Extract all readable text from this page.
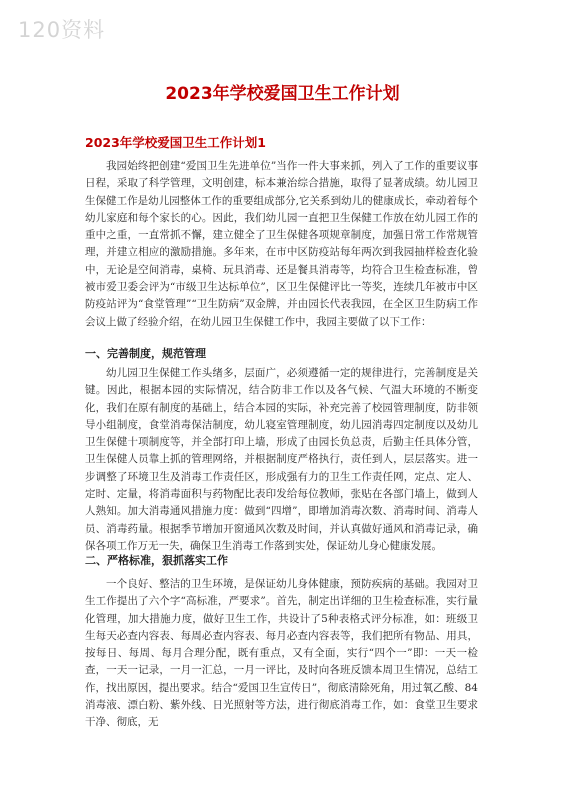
120资料
2023年学校爱国卫生工作计划
2023年学校爱国卫生工作计划1

我园始终把创建“爱国卫生先进单位”当作一件大事来抓，列入了工作的重要议事日程，采取了科学管理，文明创建，标本兼治综合措施，取得了显著成绩。幼儿园卫生保健工作是幼儿园整体工作的重要组成部分,它关系到幼儿的健康成长，牵动着每个幼儿家庭和每个家长的心。因此，我们幼儿园一直把卫生保健工作放在幼儿园工作的重中之重，一直常抓不懈，建立健全了卫生保健各项规章制度，加强日常工作常规管理，并建立相应的激励措施。多年来，在市中区防疫站每年两次到我园抽样检查化验中，无论是空间消毒，桌椅、玩具消毒、还是餐具消毒等，均符合卫生检查标准，曾被市爱卫委会评为“市级卫生达标单位”，区卫生保健评比一等奖，连续几年被市中区防疫站评为“食堂管理”“卫生防病”双金牌，并由园长代表我园，在全区卫生防病工作会议上做了经验介绍，在幼儿园卫生保健工作中，我园主要做了以下工作：

一、完善制度，规范管理

幼儿园卫生保健工作头绪多，层面广，必须遵循一定的规律进行，完善制度是关键。因此，根据本园的实际情况，结合防非工作以及各气候、气温大环境的不断变化，我们在原有制度的基础上，结合本园的实际，补充完善了校园管理制度，防非领导小组制度，食堂消毒保洁制度，幼儿寝室管理制度，幼儿园消毒四定制度以及幼儿卫生保健十项制度等，并全部打印上墙，形成了由园长负总责，后勤主任具体分管，卫生保健人员靠上抓的管理网络，并根据制度严格执行，责任到人，层层落实。进一步调整了环境卫生及消毒工作责任区，形成强有力的卫生工作责任网，定点、定人、定时、定量，将消毒面积与药物配比表印发给每位教师，张贴在各部门墙上，做到人人熟知。加大消毒通风措施力度：做到“四增”，即增加消毒次数、消毒时间、消毒人员、消毒药量。根据季节增加开窗通风次数及时间，并认真做好通风和消毒记录，确保各项工作万无一失，确保卫生消毒工作落到实处，保证幼儿身心健康发展。

二、严格标准，狠抓落实工作

一个良好、整洁的卫生环境，是保证幼儿身体健康，预防疾病的基础。我园对卫生工作提出了六个字“高标准，严要求”。首先，制定出详细的卫生检查标准，实行量化管理，加大措施力度，做好卫生工作，共设计了5种表格式评分标准，如：班级卫生每天必查内容表、每周必查内容表、每月必查内容表等，我们把所有物品、用具，按每日、每周、每月合理分配，既有重点，又有全面，实行“四个一”即：一天一检查，一天一记录，一月一汇总，一月一评比，及时向各班反馈本周卫生情况，总结工作，找出原因，提出要求。结合“爱国卫生宣传日”，彻底清除死角，用过氧乙酸、84消毒液、漂白粉、紫外线、日光照射等方法，进行彻底消毒工作，如：食堂卫生要求干净、彻底，无
